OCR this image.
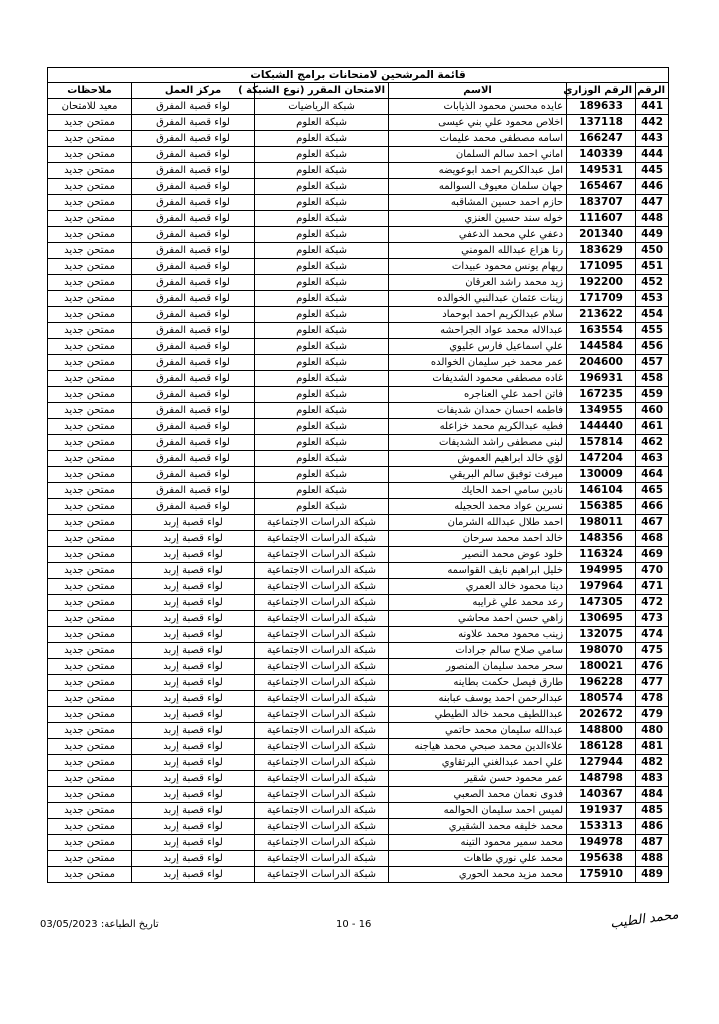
قائمة المرشحين لامتحانات برامج الشبكات					
الرقم	الرقم الوزاري	الاسم	الامتحان المقرر (نوع الشبكة )	مركز العمل	ملاحظات
441	189633	عايده محسن محمود الذيابات	شبكة الرياضيات	لواء قصبة المفرق	معيد للامتحان
442	137118	اخلاص محمود علي بني عيسى	شبكة العلوم	لواء قصبة المفرق	ممتحن جديد
443	166247	اسامه مصطفى محمد عليمات	شبكة العلوم	لواء قصبة المفرق	ممتحن جديد
444	140339	اماني احمد سالم السلمان	شبكة العلوم	لواء قصبة المفرق	ممتحن جديد
445	149531	امل عبدالكريم احمد ابوعويضه	شبكة العلوم	لواء قصبة المفرق	ممتحن جديد
446	165467	جهان سلمان معيوف السوالمه	شبكة العلوم	لواء قصبة المفرق	ممتحن جديد
447	183707	حازم احمد حسين المشاقبه	شبكة العلوم	لواء قصبة المفرق	ممتحن جديد
448	111607	خوله سند حسين العنزي	شبكة العلوم	لواء قصبة المفرق	ممتحن جديد
449	201340	دعفي علي محمد الدعفي	شبكة العلوم	لواء قصبة المفرق	ممتحن جديد
450	183629	رنا هزاع عبدالله المومني	شبكة العلوم	لواء قصبة المفرق	ممتحن جديد
451	171095	ريهام يونس محمود عبيدات	شبكة العلوم	لواء قصبة المفرق	ممتحن جديد
452	192200	زيد محمد راشد العرقان	شبكة العلوم	لواء قصبة المفرق	ممتحن جديد
453	171709	زينات عثمان عبدالنبي الخوالده	شبكة العلوم	لواء قصبة المفرق	ممتحن جديد
454	213622	سلام عبدالكريم احمد ابوحماد	شبكة العلوم	لواء قصبة المفرق	ممتحن جديد
455	163554	عبدالاله محمد عواد الجراحشه	شبكة العلوم	لواء قصبة المفرق	ممتحن جديد
456	144584	علي اسماعيل فارس عليوي	شبكة العلوم	لواء قصبة المفرق	ممتحن جديد
457	204600	عمر محمد خير سليمان الخوالده	شبكة العلوم	لواء قصبة المفرق	ممتحن جديد
458	196931	غاده مصطفى محمود الشديفات	شبكة العلوم	لواء قصبة المفرق	ممتحن جديد
459	167235	فاتن احمد علي العناجره	شبكة العلوم	لواء قصبة المفرق	ممتحن جديد
460	134955	فاطمه احسان حمدان شديفات	شبكة العلوم	لواء قصبة المفرق	ممتحن جديد
461	144440	فطيه عبدالكريم محمد خزاعله	شبكة العلوم	لواء قصبة المفرق	ممتحن جديد
462	157814	لبنى مصطفى راشد الشديفات	شبكة العلوم	لواء قصبة المفرق	ممتحن جديد
463	147204	لؤي خالد ابراهيم العموش	شبكة العلوم	لواء قصبة المفرق	ممتحن جديد
464	130009	ميرفت توفيق سالم البريقي	شبكة العلوم	لواء قصبة المفرق	ممتحن جديد
465	146104	نادين سامي احمد الحايك	شبكة العلوم	لواء قصبة المفرق	ممتحن جديد
466	156385	نسرين عواد محمد الحجيله	شبكة العلوم	لواء قصبة المفرق	ممتحن جديد
467	198011	احمد طلال عبدالله الشرمان	شبكة الدراسات الاجتماعية	لواء قصبة إربد	ممتحن جديد
468	148356	خالد احمد محمد سرحان	شبكة الدراسات الاجتماعية	لواء قصبة إربد	ممتحن جديد
469	116324	خلود عوض محمد النصير	شبكة الدراسات الاجتماعية	لواء قصبة إربد	ممتحن جديد
470	194995	خليل ابراهيم نايف القواسمه	شبكة الدراسات الاجتماعية	لواء قصبة إربد	ممتحن جديد
471	197964	دينا محمود خالد العمري	شبكة الدراسات الاجتماعية	لواء قصبة إربد	ممتحن جديد
472	147305	رعد محمد علي غرايبه	شبكة الدراسات الاجتماعية	لواء قصبة إربد	ممتحن جديد
473	130695	زاهي حسن احمد محاشي	شبكة الدراسات الاجتماعية	لواء قصبة إربد	ممتحن جديد
474	132075	زينب محمود محمد علاونه	شبكة الدراسات الاجتماعية	لواء قصبة إربد	ممتحن جديد
475	198070	سامي صلاح سالم جرادات	شبكة الدراسات الاجتماعية	لواء قصبة إربد	ممتحن جديد
476	180021	سحر محمد سليمان المنصور	شبكة الدراسات الاجتماعية	لواء قصبة إربد	ممتحن جديد
477	196228	طارق فيصل حكمت بطاينه	شبكة الدراسات الاجتماعية	لواء قصبة إربد	ممتحن جديد
478	180574	عبدالرحمن احمد يوسف عبابنه	شبكة الدراسات الاجتماعية	لواء قصبة إربد	ممتحن جديد
479	202672	عبداللطيف محمد خالد الطيطي	شبكة الدراسات الاجتماعية	لواء قصبة إربد	ممتحن جديد
480	148800	عبدالله سليمان محمد حاتمي	شبكة الدراسات الاجتماعية	لواء قصبة إربد	ممتحن جديد
481	186128	علاءالدين محمد صبحي محمد هياجنه	شبكة الدراسات الاجتماعية	لواء قصبة إربد	ممتحن جديد
482	127944	علي احمد عبدالغني البرتقاوي	شبكة الدراسات الاجتماعية	لواء قصبة إربد	ممتحن جديد
483	148798	عمر محمود حسن شقير	شبكة الدراسات الاجتماعية	لواء قصبة إربد	ممتحن جديد
484	140367	فدوى نعمان محمد الصعبي	شبكة الدراسات الاجتماعية	لواء قصبة إربد	ممتحن جديد
485	191937	لميس احمد سليمان الحوالمه	شبكة الدراسات الاجتماعية	لواء قصبة إربد	ممتحن جديد
486	153313	محمد خليفه محمد الشقيري	شبكة الدراسات الاجتماعية	لواء قصبة إربد	ممتحن جديد
487	194978	محمد سمير محمود التينه	شبكة الدراسات الاجتماعية	لواء قصبة إربد	ممتحن جديد
488	195638	محمد علي نوري طاهات	شبكة الدراسات الاجتماعية	لواء قصبة إربد	ممتحن جديد
489	175910	محمد مزيد محمد الحوري	شبكة الدراسات الاجتماعية	لواء قصبة إربد	ممتحن جديد
محمد الطيب
10 - 16
تاريخ الطباعة: 03/05/2023
